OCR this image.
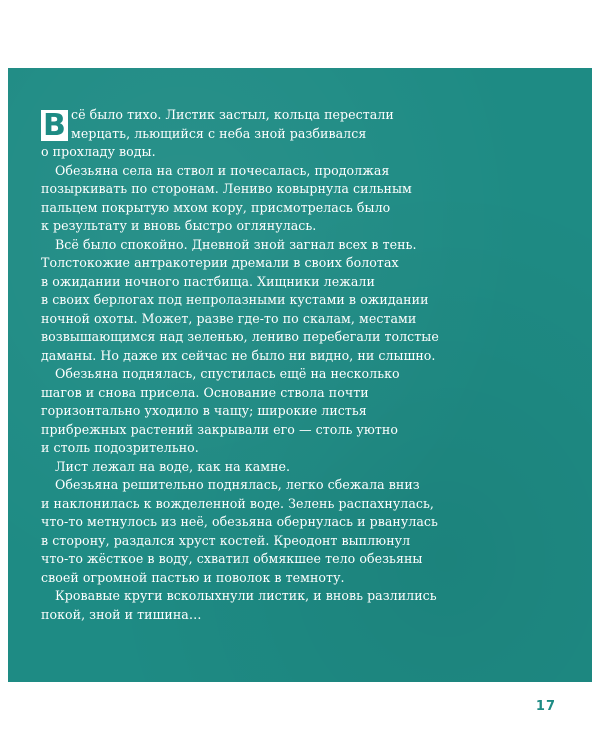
В сё было тихо. Листик застыл, кольца перестали
мерцать, льющийся с неба зной разбивался
о прохладу воды.

Обезьяна села на ствол и почесалась, продолжая
позыркивать по сторонам. Лениво ковырнула сильным
пальцем покрытую мхом кору, присмотрелась было
к результату и вновь быстро оглянулась.

Всё было спокойно. Дневной зной загнал всех в тень.
Толстокожие антракотерии дремали в своих болотах
в ожидании ночного пастбища. Хищники лежали
в своих берлогах под непролазными кустами в ожидании
ночной охоты. Может, разве где-то по скалам, местами
возвышающимся над зеленью, лениво перебегали толстые
даманы. Но даже их сейчас не было ни видно, ни слышно.

Обезьяна поднялась, спустилась ещё на несколько
шагов и снова присела. Основание ствола почти
горизонтально уходило в чащу; широкие листья
прибрежных растений закрывали его — столь уютно
и столь подозрительно.

Лист лежал на воде, как на камне.

Обезьяна решительно поднялась, легко сбежала вниз
и наклонилась к вожделенной воде. Зелень распахнулась,
что-то метнулось из неё, обезьяна обернулась и рванулась
в сторону, раздался хруст костей. Креодонт выплюнул
что-то жёсткое в воду, схватил обмякшее тело обезьяны
своей огромной пастью и поволок в темноту.

Кровавые круги всколыхнули листик, и вновь разлились
покой, зной и тишина…

17
